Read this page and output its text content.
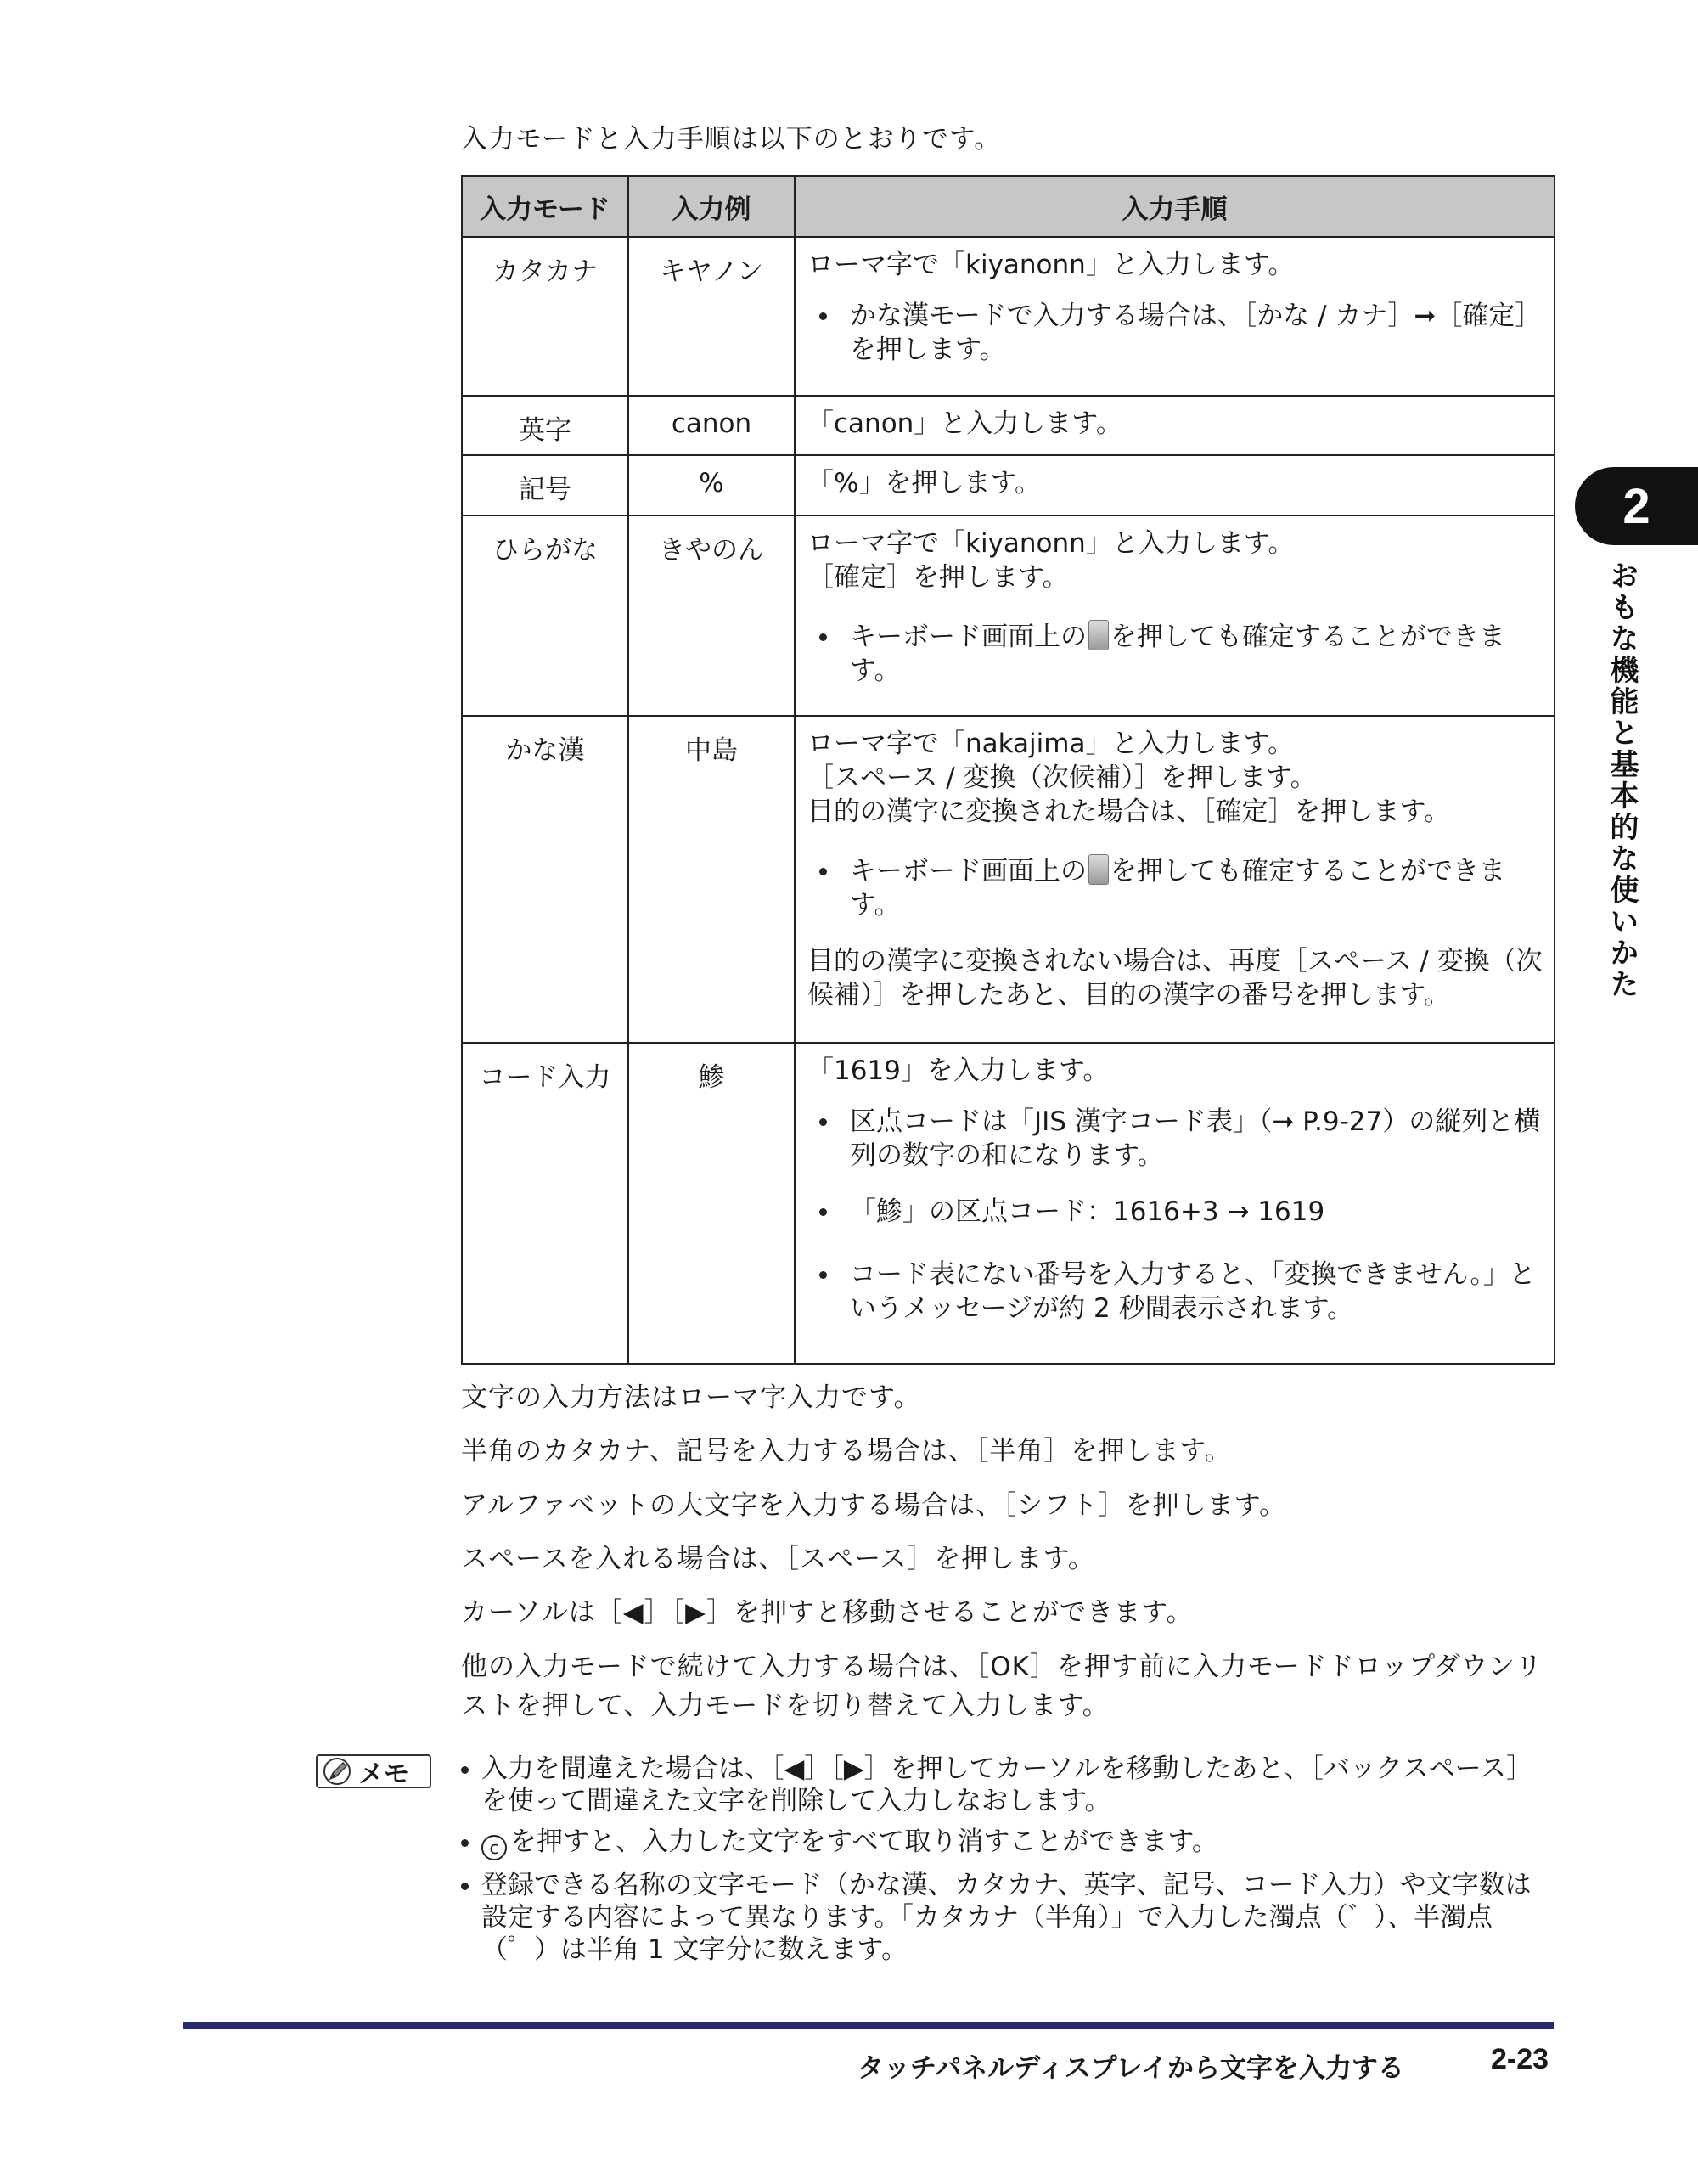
入力モードと入力手順は以下のとおりです。
入力モード	入力例	入力手順
カタカナ	キヤノン	ローマ字で「kiyanonn」と入力します。
かな漢モードで入力する場合は、［かな / カナ］➞［確定］を押します。

英字	canon	「canon」と入力します。

記号	%	「%」を押します。

ひらがな	きやのん	ローマ字で「kiyanonn」と入力します。
［確定］を押します。
キーボード画面上の を押しても確定することができます。

かな漢	中島	ローマ字で「nakajima」と入力します。
［スペース / 変換（次候補）］を押します。
目的の漢字に変換された場合は、［確定］を押します。
キーボード画面上の を押しても確定することができます。
目的の漢字に変換されない場合は、再度［スペース / 変換（次候補）］を押したあと、目的の漢字の番号を押します。

コード入力	鯵	「1619」を入力します。
区点コードは「JIS 漢字コード表」（➞ P.9-27）の縦列と横列の数字の和になります。
「鯵」の区点コード：1616+3 → 1619
コード表にない番号を入力すると、「変換できません。」というメッセージが約 2 秒間表示されます。
文字の入力方法はローマ字入力です。
半角のカタカナ、記号を入力する場合は、［半角］を押します。
アルファベットの大文字を入力する場合は、［シフト］を押します。
スペースを入れる場合は、［スペース］を押します。
カーソルは［◀］［▶］を押すと移動させることができます。
他の入力モードで続けて入力する場合は、［OK］を押す前に入力モードドロップダウンリストを押して、入力モードを切り替えて入力します。
メモ	入力を間違えた場合は、［◀］［▶］を押してカーソルを移動したあと、［バックスペース］を使って間違えた文字を削除して入力しなおします。
c を押すと、入力した文字をすべて取り消すことができます。
登録できる名称の文字モード（かな漢、カタカナ、英字、記号、コード入力）や文字数は設定する内容によって異なります。「カタカナ（半角）」で入力した濁点（゛）、半濁点（゜）は半角 1 文字分に数えます。
2
おもな機能と基本的な使いかた
タッチパネルディスプレイから文字を入力する	2-23
